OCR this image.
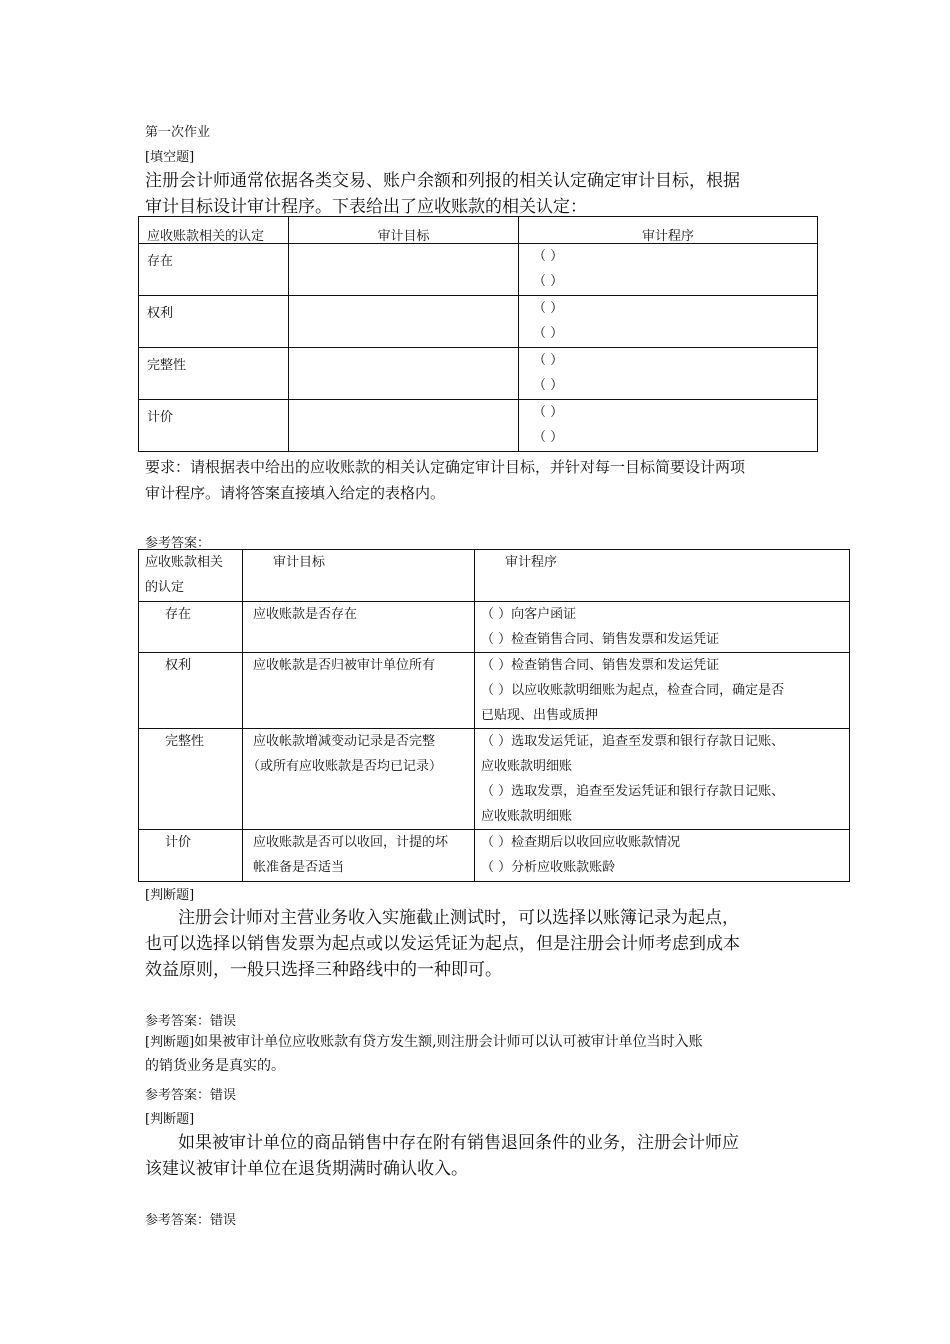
第一次作业
[填空题]
注册会计师通常依据各类交易、账户余额和列报的相关认定确定审计目标，根据
审计目标设计审计程序。下表给出了应收账款的相关认定：
应收账款相关的认定	审计目标	审计程序

存在		（ ）
（ ）

权利		（ ）
（ ）

完整性		（ ）
（ ）

计价		（ ）
（ ）
要求：请根据表中给出的应收账款的相关认定确定审计目标，并针对每一目标简要设计两项
审计程序。请将答案直接填入给定的表格内。
参考答案：
应收账款相关
的认定	审计目标	审计程序

存在	应收账款是否存在	（ ）向客户函证
（ ）检查销售合同、销售发票和发运凭证

权利	应收帐款是否归被审计单位所有	（ ）检查销售合同、销售发票和发运凭证
（ ）以应收账款明细账为起点，检查合同，确定是否
已贴现、出售或质押

完整性	应收帐款增减变动记录是否完整
（或所有应收账款是否均已记录）	（ ）选取发运凭证，追查至发票和银行存款日记账、
应收账款明细账
（ ）选取发票，追查至发运凭证和银行存款日记账、
应收账款明细账

计价	应收账款是否可以收回，计提的坏
帐准备是否适当	（ ）检查期后以收回应收账款情况
（ ）分析应收账款账龄
[判断题]
注册会计师对主营业务收入实施截止测试时，可以选择以账簿记录为起点，
也可以选择以销售发票为起点或以发运凭证为起点，但是注册会计师考虑到成本
效益原则，一般只选择三种路线中的一种即可。
参考答案：错误
[判断题]如果被审计单位应收账款有贷方发生额,则注册会计师可以认可被审计单位当时入账
的销货业务是真实的。
参考答案：错误
[判断题]
如果被审计单位的商品销售中存在附有销售退回条件的业务，注册会计师应
该建议被审计单位在退货期满时确认收入。
参考答案：错误
